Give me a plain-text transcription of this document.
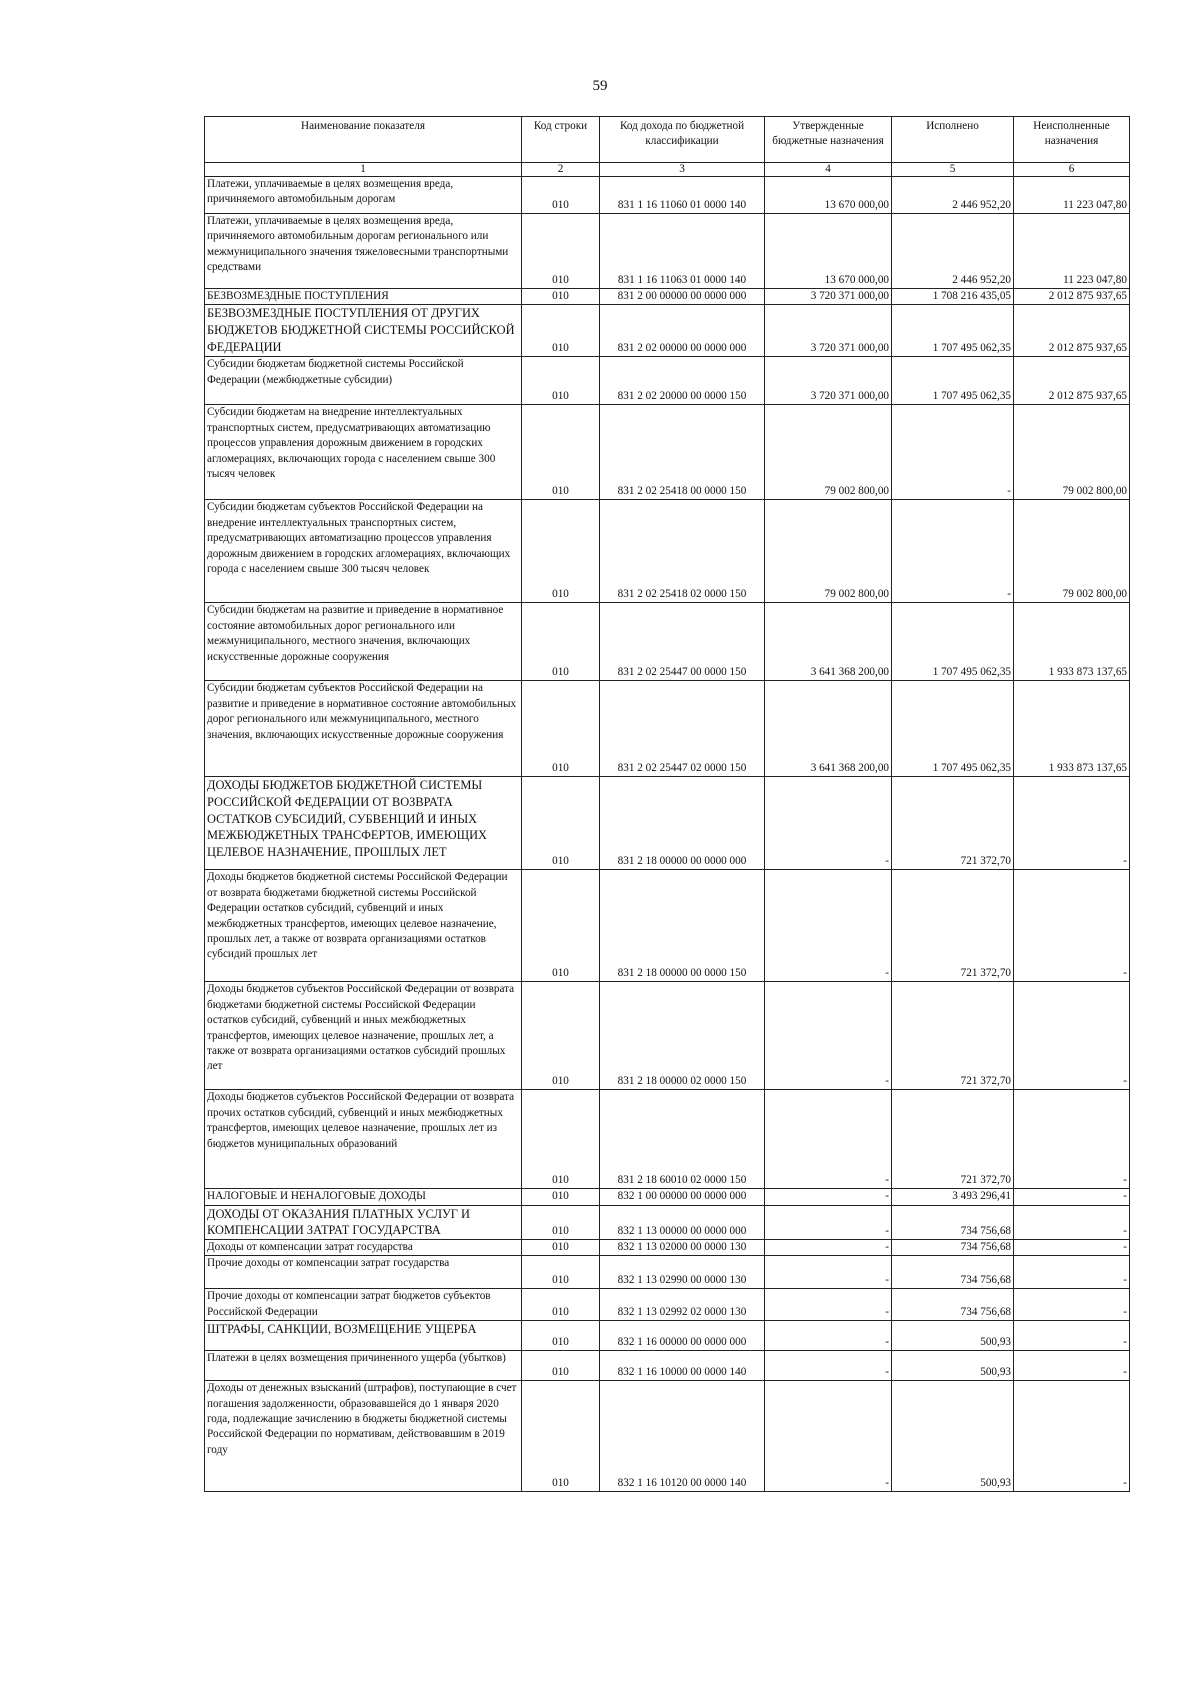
59
Наименование показателя	Код строки	Код дохода по бюджетной классификации	Утвержденные бюджетные назначения	Исполнено	Неисполненные назначения
1	2	3	4	5	6
Платежи, уплачиваемые в целях возмещения вреда, причиняемого автомобильным дорогам	010	831 1 16 11060 01 0000 140	13 670 000,00	2 446 952,20	11 223 047,80
Платежи, уплачиваемые в целях возмещения вреда, причиняемого автомобильным дорогам регионального или межмуниципального значения тяжеловесными транспортными средствами	010	831 1 16 11063 01 0000 140	13 670 000,00	2 446 952,20	11 223 047,80
БЕЗВОЗМЕЗДНЫЕ ПОСТУПЛЕНИЯ	010	831 2 00 00000 00 0000 000	3 720 371 000,00	1 708 216 435,05	2 012 875 937,65
БЕЗВОЗМЕЗДНЫЕ ПОСТУПЛЕНИЯ ОТ ДРУГИХ БЮДЖЕТОВ БЮДЖЕТНОЙ СИСТЕМЫ РОССИЙСКОЙ ФЕДЕРАЦИИ	010	831 2 02 00000 00 0000 000	3 720 371 000,00	1 707 495 062,35	2 012 875 937,65
Субсидии бюджетам бюджетной системы Российской Федерации (межбюджетные субсидии)	010	831 2 02 20000 00 0000 150	3 720 371 000,00	1 707 495 062,35	2 012 875 937,65
Субсидии бюджетам на внедрение интеллектуальных транспортных систем, предусматривающих автоматизацию процессов управления дорожным движением в городских агломерациях, включающих города с населением свыше 300 тысяч человек	010	831 2 02 25418 00 0000 150	79 002 800,00	-	79 002 800,00
Субсидии бюджетам субъектов Российской Федерации на внедрение интеллектуальных транспортных систем, предусматривающих автоматизацию процессов управления дорожным движением в городских агломерациях, включающих города с населением свыше 300 тысяч человек	010	831 2 02 25418 02 0000 150	79 002 800,00	-	79 002 800,00
Субсидии бюджетам на развитие и приведение в нормативное состояние автомобильных дорог регионального или межмуниципального, местного значения, включающих искусственные дорожные сооружения	010	831 2 02 25447 00 0000 150	3 641 368 200,00	1 707 495 062,35	1 933 873 137,65
Субсидии бюджетам субъектов Российской Федерации на развитие и приведение в нормативное состояние автомобильных дорог регионального или межмуниципального, местного значения, включающих искусственные дорожные сооружения	010	831 2 02 25447 02 0000 150	3 641 368 200,00	1 707 495 062,35	1 933 873 137,65
ДОХОДЫ БЮДЖЕТОВ БЮДЖЕТНОЙ СИСТЕМЫ РОССИЙСКОЙ ФЕДЕРАЦИИ ОТ ВОЗВРАТА ОСТАТКОВ СУБСИДИЙ, СУБВЕНЦИЙ И ИНЫХ МЕЖБЮДЖЕТНЫХ ТРАНСФЕРТОВ, ИМЕЮЩИХ ЦЕЛЕВОЕ НАЗНАЧЕНИЕ, ПРОШЛЫХ ЛЕТ	010	831 2 18 00000 00 0000 000	-	721 372,70	-
Доходы бюджетов бюджетной системы Российской Федерации от возврата бюджетами бюджетной системы Российской Федерации остатков субсидий, субвенций и иных межбюджетных трансфертов, имеющих целевое назначение, прошлых лет, а также от возврата организациями остатков субсидий прошлых лет	010	831 2 18 00000 00 0000 150	-	721 372,70	-
Доходы бюджетов субъектов Российской Федерации от возврата бюджетами бюджетной системы Российской Федерации остатков субсидий, субвенций и иных межбюджетных трансфертов, имеющих целевое назначение, прошлых лет, а также от возврата организациями остатков субсидий прошлых лет	010	831 2 18 00000 02 0000 150	-	721 372,70	-
Доходы бюджетов субъектов Российской Федерации от возврата прочих остатков субсидий, субвенций и иных межбюджетных трансфертов, имеющих целевое назначение, прошлых лет из бюджетов муниципальных образований	010	831 2 18 60010 02 0000 150	-	721 372,70	-
НАЛОГОВЫЕ И НЕНАЛОГОВЫЕ ДОХОДЫ	010	832 1 00 00000 00 0000 000	-	3 493 296,41	-
ДОХОДЫ ОТ ОКАЗАНИЯ ПЛАТНЫХ УСЛУГ И КОМПЕНСАЦИИ ЗАТРАТ ГОСУДАРСТВА	010	832 1 13 00000 00 0000 000	-	734 756,68	-
Доходы от компенсации затрат государства	010	832 1 13 02000 00 0000 130	-	734 756,68	-
Прочие доходы от компенсации затрат государства	010	832 1 13 02990 00 0000 130	-	734 756,68	-
Прочие доходы от компенсации затрат бюджетов субъектов Российской Федерации	010	832 1 13 02992 02 0000 130	-	734 756,68	-
ШТРАФЫ, САНКЦИИ, ВОЗМЕЩЕНИЕ УЩЕРБА	010	832 1 16 00000 00 0000 000	-	500,93	-
Платежи в целях возмещения причиненного ущерба (убытков)	010	832 1 16 10000 00 0000 140	-	500,93	-
Доходы от денежных взысканий (штрафов), поступающие в счет погашения задолженности, образовавшейся до 1 января 2020 года, подлежащие зачислению в бюджеты бюджетной системы Российской Федерации по нормативам, действовавшим в 2019 году	010	832 1 16 10120 00 0000 140	-	500,93	-
